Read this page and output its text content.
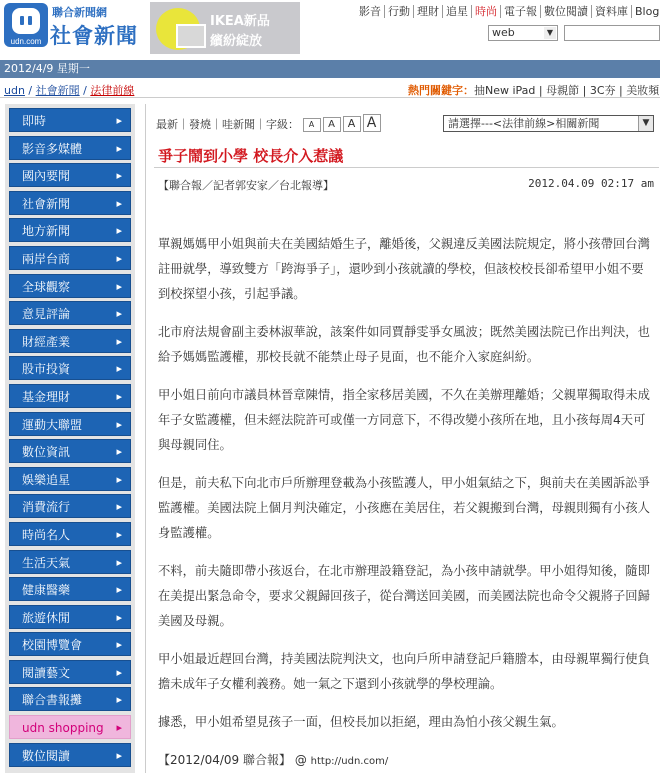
udn.com
聯合新聞網
社會新聞
IKEA新品
繽紛綻放
影音 行動 理財 追星 時尚 電子報 數位閱讀 資料庫 Blog
web	▼
2012/4/9 星期一
udn / 社會新聞 / 法律前線	熱門關鍵字：抽New iPad | 母親節 | 3C夯 | 美妝頻
即時 ▸
影音多媒體 ▸
國內要聞 ▸
社會新聞 ▸
地方新聞 ▸
兩岸台商 ▸
全球觀察 ▸
意見評論 ▸
財經產業 ▸
股市投資 ▸
基金理財 ▸
運動大聯盟 ▸
數位資訊 ▸
娛樂追星 ▸
消費流行 ▸
時尚名人 ▸
生活天氣 ▸
健康醫藥 ▸
旅遊休閒 ▸
校園博覽會 ▸
閱讀藝文 ▸
聯合書報攤 ▸
udn shopping ▸
數位閱讀 ▸
最新｜發燒｜哇新聞｜字級： A A A A	請選擇---<法律前線>相關新聞	▼
爭子鬧到小學 校長介入惹議
【聯合報／記者郭安家／台北報導】	2012.04.09 02:17 am

單親媽媽甲小姐與前夫在美國結婚生子，離婚後，父親違反美國法院規定，將小孩帶回台灣註冊就學，導致雙方「跨海爭子」，還吵到小孩就讀的學校，但該校校長卻希望甲小姐不要到校探望小孩，引起爭議。

北市府法規會副主委林淑華說，該案件如同賈靜雯爭女風波；既然美國法院已作出判決，也給予媽媽監護權，那校長就不能禁止母子見面，也不能介入家庭糾紛。

甲小姐日前向市議員林晉章陳情，指全家移居美國，不久在美辦理離婚；父親單獨取得未成年子女監護權，但未經法院許可或僅一方同意下，不得改變小孩所在地，且小孩每周4天可與母親同住。

但是，前夫私下向北市戶所辦理登載為小孩監護人，甲小姐氣結之下，與前夫在美國訴訟爭監護權。美國法院上個月判決確定，小孩應在美居住，若父親搬到台灣，母親則獨有小孩人身監護權。

不料，前夫隨即帶小孩返台，在北市辦理設籍登記，為小孩申請就學。甲小姐得知後，隨即在美提出緊急命令，要求父親歸回孩子，從台灣送回美國，而美國法院也命令父親將子回歸美國及母親。

甲小姐最近趕回台灣，持美國法院判決文，也向戶所申請登記戶籍謄本，由母親單獨行使負擔未成年子女權利義務。她一氣之下還到小孩就學的學校理論。

據悉，甲小姐希望見孩子一面，但校長加以拒絕，理由為怕小孩父親生氣。

【2012/04/09 聯合報】 @ http://udn.com/
